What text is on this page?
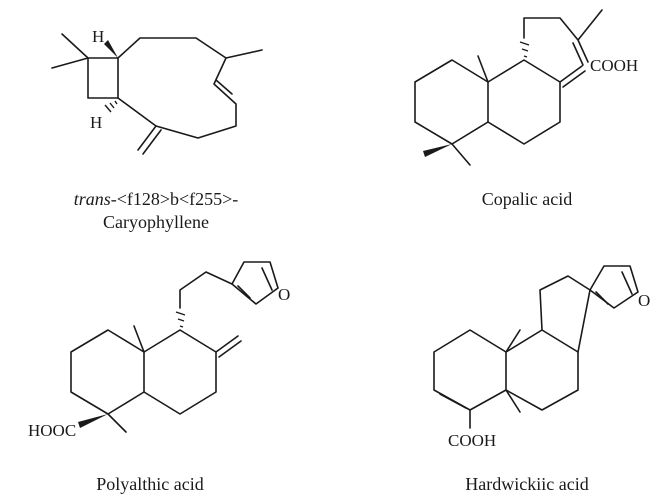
H
H
trans-<f128>b<f255>-
Caryophyllene
COOH
Copalic acid
O
HOOC
Polyalthic acid
O
COOH
Hardwickiic acid
